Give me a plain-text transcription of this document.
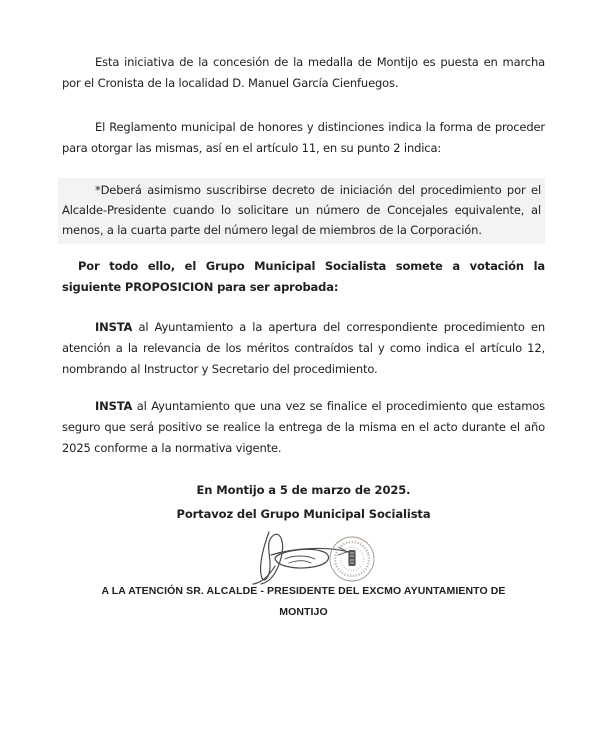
Esta iniciativa de la concesión de la medalla de Montijo es puesta en marcha por el Cronista de la localidad D. Manuel García Cienfuegos.

El Reglamento municipal de honores y distinciones indica la forma de proceder para otorgar las mismas, así en el artículo 11, en su punto 2 indica:

*Deberá asimismo suscribirse decreto de iniciación del procedimiento por el Alcalde-Presidente cuando lo solicitare un número de Concejales equivalente, al menos, a la cuarta parte del número legal de miembros de la Corporación.

Por todo ello, el Grupo Municipal Socialista somete a votación la siguiente PROPOSICION para ser aprobada:

INSTA al Ayuntamiento a la apertura del correspondiente procedimiento en atención a la relevancia de los méritos contraídos tal y como indica el artículo 12, nombrando al Instructor y Secretario del procedimiento.

INSTA al Ayuntamiento que una vez se finalice el procedimiento que estamos seguro que será positivo se realice la entrega de la misma en el acto durante el año 2025 conforme a la normativa vigente.

En Montijo a 5 de marzo de 2025.

Portavoz del Grupo Municipal Socialista

A LA ATENCIÓN SR. ALCALDE - PRESIDENTE DEL EXCMO AYUNTAMIENTO DE

MONTIJO
